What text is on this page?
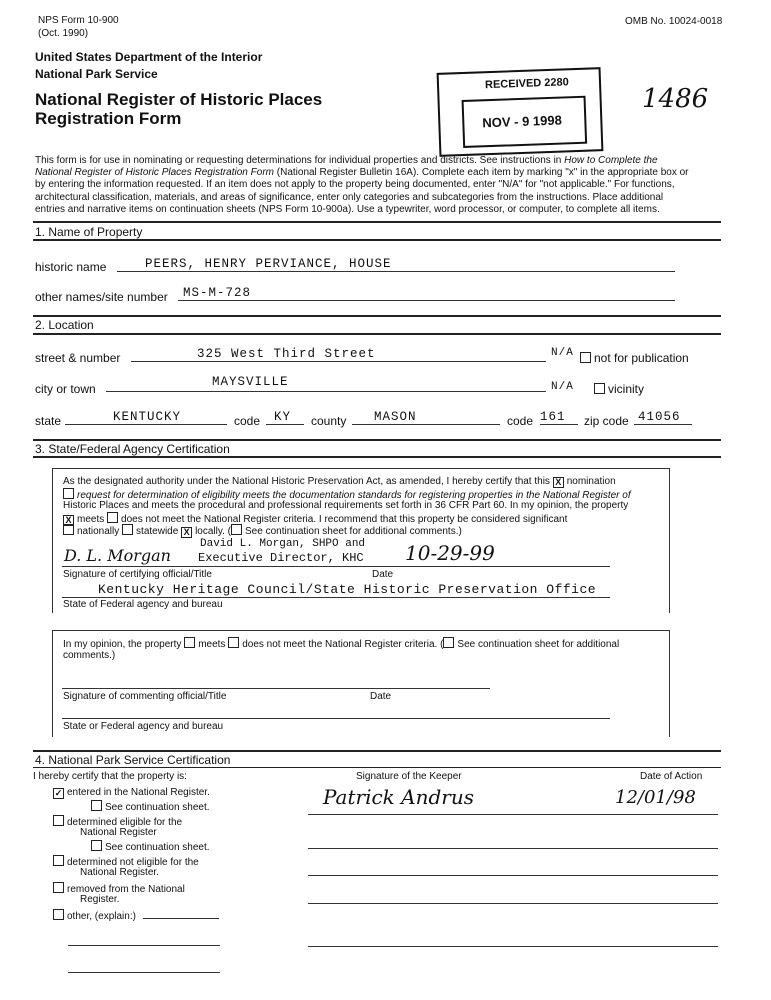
NPS Form 10-900
(Oct. 1990)
OMB No. 10024-0018
United States Department of the Interior
National Park Service
National Register of Historic Places
Registration Form
RECEIVED 2280
NOV - 9 1998
1486
This form is for use in nominating or requesting determinations for individual properties and districts. See instructions in How to Complete the National Register of Historic Places Registration Form (National Register Bulletin 16A). Complete each item by marking "x" in the appropriate box or by entering the information requested. If an item does not apply to the property being documented, enter "N/A" for "not applicable." For functions, architectural classification, materials, and areas of significance, enter only categories and subcategories from the instructions. Place additional entries and narrative items on continuation sheets (NPS Form 10-900a). Use a typewriter, word processor, or computer, to complete all items.
1. Name of Property
historic name	PEERS, HENRY PERVIANCE, HOUSE
other names/site number MS-M-728
2. Location
street & number	325 West Third Street	N/A	not for publication
city or town	MAYSVILLE	N/A	vicinity
state	KENTUCKY	code KY county MASON	code 161 zip code 41056
3. State/Federal Agency Certification
As the designated authority under the National Historic Preservation Act, as amended, I hereby certify that this X nomination
request for determination of eligibility meets the documentation standards for registering properties in the National Register of
Historic Places and meets the procedural and professional requirements set forth in 36 CFR Part 60. In my opinion, the property
X meets does not meet the National Register criteria. I recommend that this property be considered significant
nationally statewide X locally. ( See continuation sheet for additional comments.)
David L. Morgan, SHPO and
Executive Director, KHC
D. L. Morgan	10-29-99
Signature of certifying official/Title	Date
Kentucky Heritage Council/State Historic Preservation Office
State of Federal agency and bureau
In my opinion, the property meets does not meet the National Register criteria. ( See continuation sheet for additional
comments.)
Signature of commenting official/Title	Date
State or Federal agency and bureau
4. National Park Service Certification
I hereby certify that the property is:	Signature of the Keeper	Date of Action
Patrick Andrus	12/01/98
✓ entered in the National Register.
See continuation sheet.
determined eligible for the
National Register
See continuation sheet.
determined not eligible for the
National Register.
removed from the National
Register.
other, (explain:)
